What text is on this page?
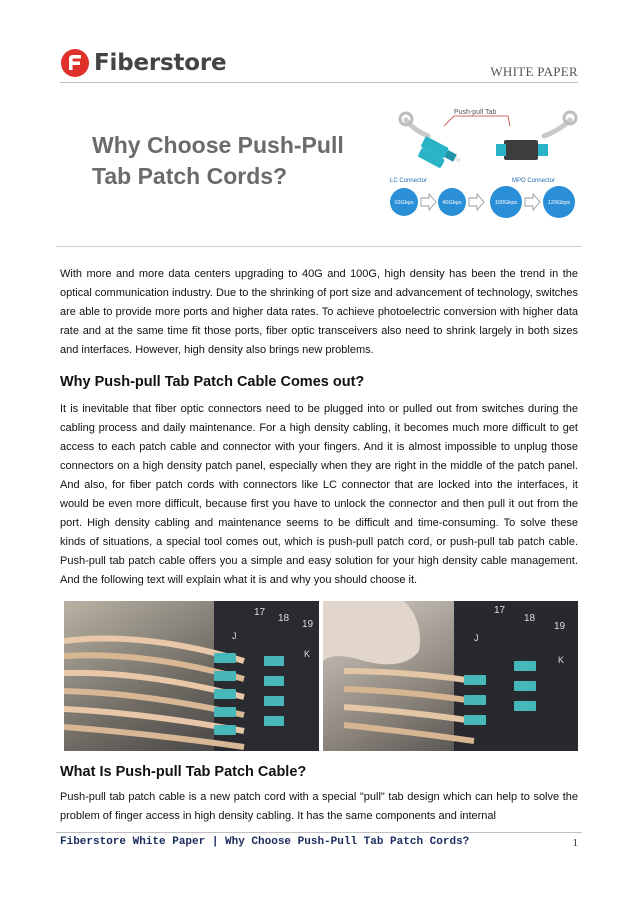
Fiberstore	WHITE PAPER
Why Choose Push-Pull
Tab Patch Cords?
Push-pull Tab
LC Connector	MPO Connector
10Gbps	40Gbps	100Gbps	120Gbps

With more and more data centers upgrading to 40G and 100G, high density has been the trend in the optical communication industry. Due to the shrinking of port size and advancement of technology, switches are able to provide more ports and higher data rates. To achieve photoelectric conversion with higher data rate and at the same time fit those ports, fiber optic transceivers also need to shrink largely in both sizes and interfaces. However, high density also brings new problems.

Why Push-pull Tab Patch Cable Comes out?

It is inevitable that fiber optic connectors need to be plugged into or pulled out from switches during the cabling process and daily maintenance. For a high density cabling, it becomes much more difficult to get access to each patch cable and connector with your fingers. And it is almost impossible to unplug those connectors on a high density patch panel, especially when they are right in the middle of the patch panel. And also, for fiber patch cords with connectors like LC connector that are locked into the interfaces, it would be even more difficult, because first you have to unlock the connector and then pull it out from the port. High density cabling and maintenance seems to be difficult and time-consuming. To solve these kinds of situations, a special tool comes out, which is push-pull patch cord, or push-pull tab patch cable. Push-pull tab patch cable offers you a simple and easy solution for your high density cable management. And the following text will explain what it is and why you should choose it.

17
18
19
J
K
17
18
19
J
K
What Is Push-pull Tab Patch Cable?

Push-pull tab patch cable is a new patch cord with a special "pull" tab design which can help to solve the problem of finger access in high density cabling. It has the same components and internal

Fiberstore White Paper | Why Choose Push-Pull Tab Patch Cords?	1
